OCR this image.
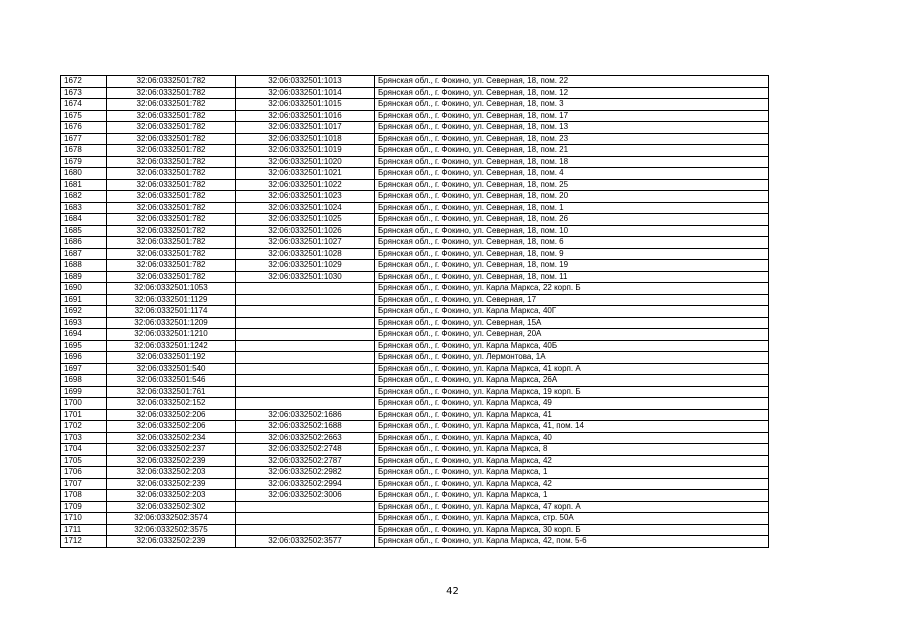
1672	32:06:0332501:782	32:06:0332501:1013	Брянская обл., г. Фокино, ул. Северная, 18, пом. 22
1673	32:06:0332501:782	32:06:0332501:1014	Брянская обл., г. Фокино, ул. Северная, 18, пом. 12
1674	32:06:0332501:782	32:06:0332501:1015	Брянская обл., г. Фокино, ул. Северная, 18, пом. 3
1675	32:06:0332501:782	32:06:0332501:1016	Брянская обл., г. Фокино, ул. Северная, 18, пом. 17
1676	32:06:0332501:782	32:06:0332501:1017	Брянская обл., г. Фокино, ул. Северная, 18, пом. 13
1677	32:06:0332501:782	32:06:0332501:1018	Брянская обл., г. Фокино, ул. Северная, 18, пом. 23
1678	32:06:0332501:782	32:06:0332501:1019	Брянская обл., г. Фокино, ул. Северная, 18, пом. 21
1679	32:06:0332501:782	32:06:0332501:1020	Брянская обл., г. Фокино, ул. Северная, 18, пом. 18
1680	32:06:0332501:782	32:06:0332501:1021	Брянская обл., г. Фокино, ул. Северная, 18, пом. 4
1681	32:06:0332501:782	32:06:0332501:1022	Брянская обл., г. Фокино, ул. Северная, 18, пом. 25
1682	32:06:0332501:782	32:06:0332501:1023	Брянская обл., г. Фокино, ул. Северная, 18, пом. 20
1683	32:06:0332501:782	32:06:0332501:1024	Брянская обл., г. Фокино, ул. Северная, 18, пом. 1
1684	32:06:0332501:782	32:06:0332501:1025	Брянская обл., г. Фокино, ул. Северная, 18, пом. 26
1685	32:06:0332501:782	32:06:0332501:1026	Брянская обл., г. Фокино, ул. Северная, 18, пом. 10
1686	32:06:0332501:782	32:06:0332501:1027	Брянская обл., г. Фокино, ул. Северная, 18, пом. 6
1687	32:06:0332501:782	32:06:0332501:1028	Брянская обл., г. Фокино, ул. Северная, 18, пом. 9
1688	32:06:0332501:782	32:06:0332501:1029	Брянская обл., г. Фокино, ул. Северная, 18, пом. 19
1689	32:06:0332501:782	32:06:0332501:1030	Брянская обл., г. Фокино, ул. Северная, 18, пом. 11
1690	32:06:0332501:1053		Брянская обл., г. Фокино, ул. Карла Маркса, 22 корп. Б
1691	32:06:0332501:1129		Брянская обл., г. Фокино, ул. Северная, 17
1692	32:06:0332501:1174		Брянская обл., г. Фокино, ул. Карла Маркса, 40Г
1693	32:06:0332501:1209		Брянская обл., г. Фокино, ул. Северная, 15А
1694	32:06:0332501:1210		Брянская обл., г. Фокино, ул. Северная, 20А
1695	32:06:0332501:1242		Брянская обл., г. Фокино, ул. Карла Маркса, 40Б
1696	32:06:0332501:192		Брянская обл., г. Фокино, ул. Лермонтова, 1А
1697	32:06:0332501:540		Брянская обл., г. Фокино, ул. Карла Маркса, 41 корп. А
1698	32:06:0332501:546		Брянская обл., г. Фокино, ул. Карла Маркса, 26А
1699	32:06:0332501:761		Брянская обл., г. Фокино, ул. Карла Маркса, 19 корп. Б
1700	32:06:0332502:152		Брянская обл., г. Фокино, ул. Карла Маркса, 49
1701	32:06:0332502:206	32:06:0332502:1686	Брянская обл., г. Фокино, ул. Карла Маркса, 41
1702	32:06:0332502:206	32:06:0332502:1688	Брянская обл., г. Фокино, ул. Карла Маркса, 41, пом. 14
1703	32:06:0332502:234	32:06:0332502:2663	Брянская обл., г. Фокино, ул. Карла Маркса, 40
1704	32:06:0332502:237	32:06:0332502:2748	Брянская обл., г. Фокино, ул. Карла Маркса, 8
1705	32:06:0332502:239	32:06:0332502:2787	Брянская обл., г. Фокино, ул. Карла Маркса, 42
1706	32:06:0332502:203	32:06:0332502:2982	Брянская обл., г. Фокино, ул. Карла Маркса, 1
1707	32:06:0332502:239	32:06:0332502:2994	Брянская обл., г. Фокино, ул. Карла Маркса, 42
1708	32:06:0332502:203	32:06:0332502:3006	Брянская обл., г. Фокино, ул. Карла Маркса, 1
1709	32:06:0332502:302		Брянская обл., г. Фокино, ул. Карла Маркса, 47 корп. А
1710	32:06:0332502:3574		Брянская обл., г. Фокино, ул. Карла Маркса, стр. 50А
1711	32:06:0332502:3575		Брянская обл., г. Фокино, ул. Карла Маркса, 30 корп. Б
1712	32:06:0332502:239	32:06:0332502:3577	Брянская обл., г. Фокино, ул. Карла Маркса, 42, пом. 5-6
42
